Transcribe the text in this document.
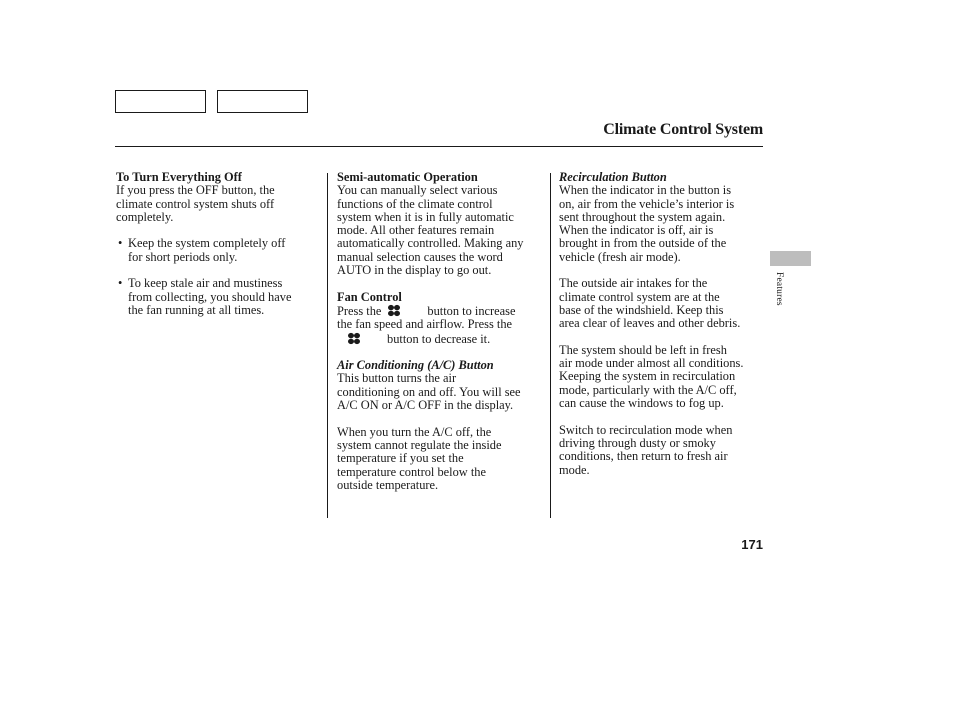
Climate Control System

To Turn Everything Off

If you press the OFF button, the
climate control system shuts off
completely.

• Keep the system completely off
for short periods only.
• To keep stale air and mustiness
from collecting, you should have
the fan running at all times.

Semi-automatic Operation

You can manually select various
functions of the climate control
system when it is in fully automatic
mode. All other features remain
automatically controlled. Making any
manual selection causes the word
AUTO in the display to go out.

Fan Control

Press the	button to increase
the fan speed and airflow. Press the

button to decrease it.

Air Conditioning (A/C) Button

This button turns the air
conditioning on and off. You will see
A/C ON or A/C OFF in the display.

When you turn the A/C off, the
system cannot regulate the inside
temperature if you set the
temperature control below the
outside temperature.

Recirculation Button

When the indicator in the button is
on, air from the vehicle’s interior is
sent throughout the system again.
When the indicator is off, air is
brought in from the outside of the
vehicle (fresh air mode).

The outside air intakes for the
climate control system are at the
base of the windshield. Keep this
area clear of leaves and other debris.

The system should be left in fresh
air mode under almost all conditions.
Keeping the system in recirculation
mode, particularly with the A/C off,
can cause the windows to fog up.

Switch to recirculation mode when
driving through dusty or smoky
conditions, then return to fresh air
mode.

Features
171
